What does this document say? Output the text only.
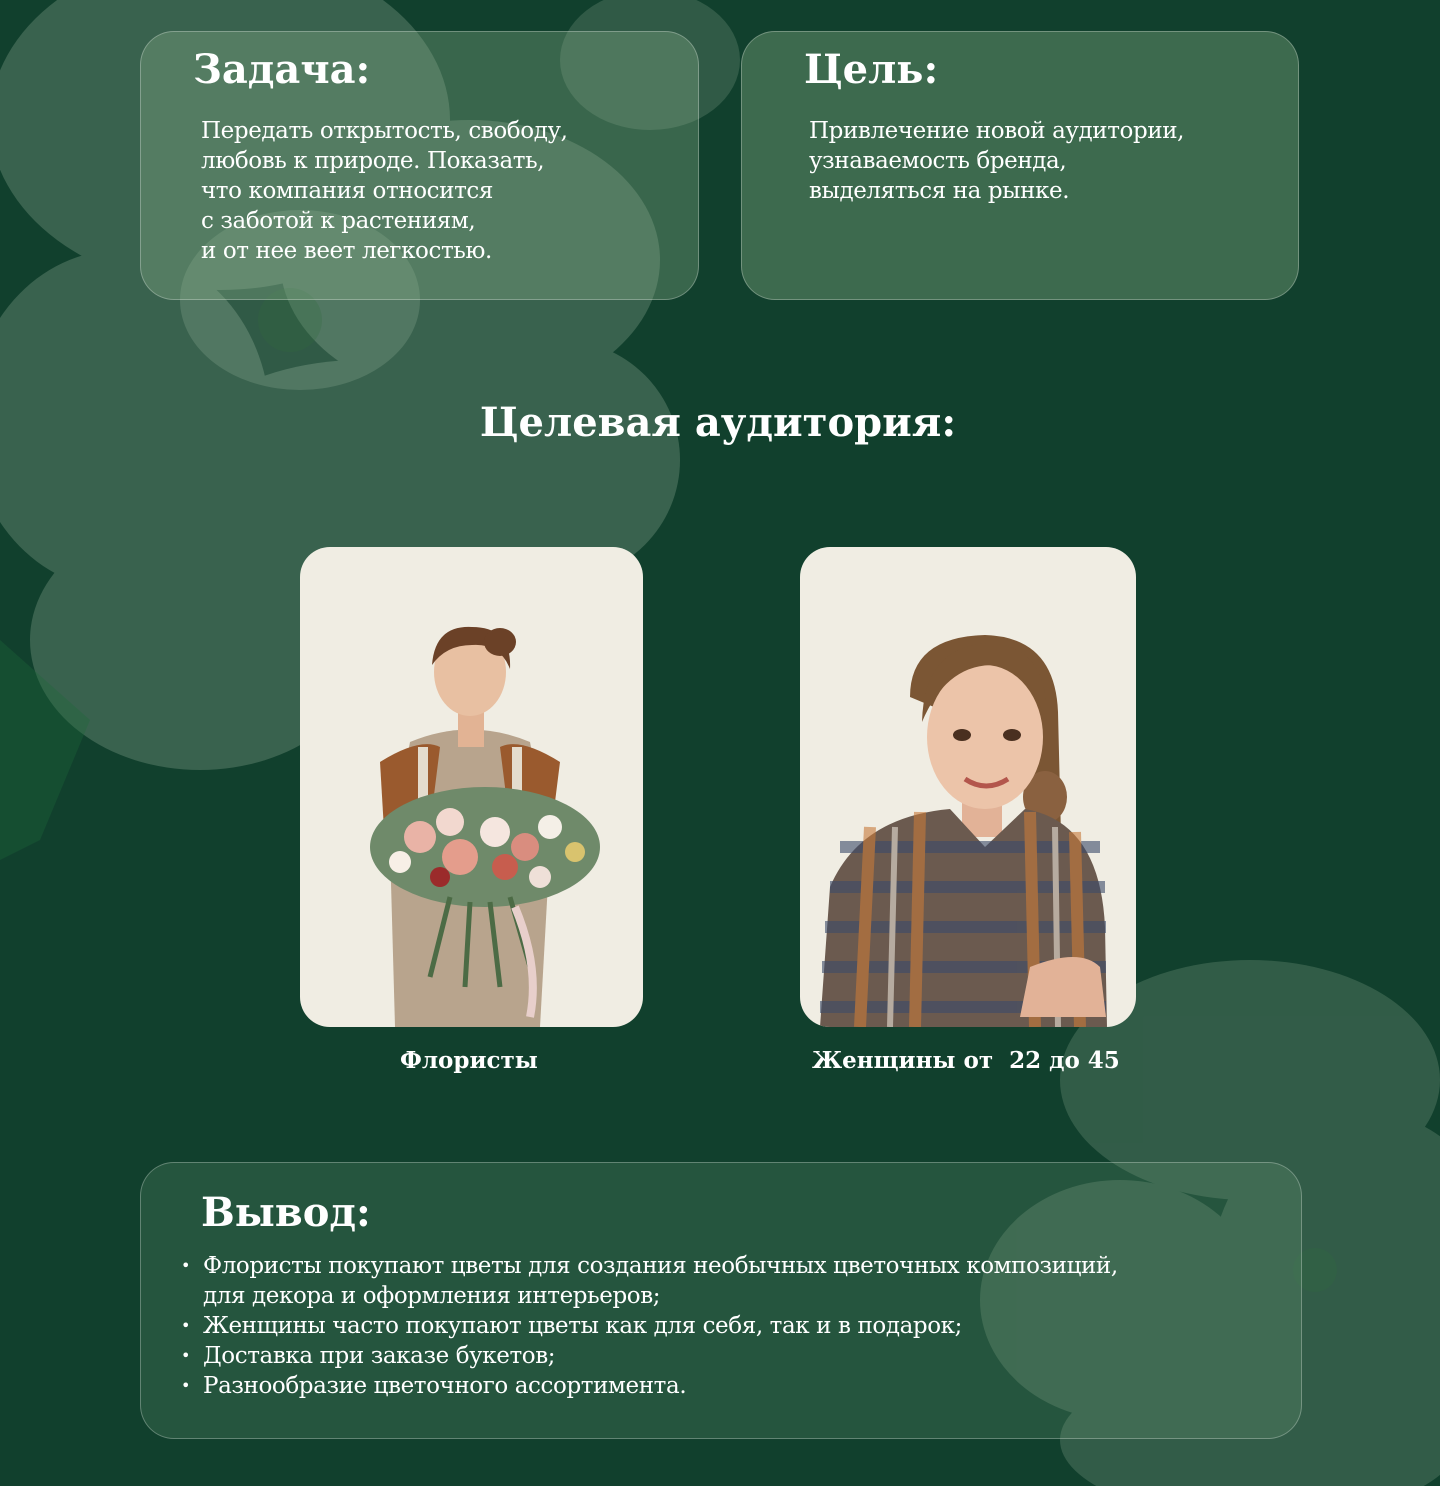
Задача:

Передать открытость, свободу,
любовь к природе. Показать,
что компания относится
с заботой к растениям,
и от нее веет легкостью.

Цель:

Привлечение новой аудитории,
узнаваемость бренда,
выделяться на рынке.

Целевая аудитория:
Флористы	Женщины от  22 до 45
Вывод:
• Флористы покупают цветы для создания необычных цветочных композиций,
для декора и оформления интерьеров;
• Женщины часто покупают цветы как для себя, так и в подарок;
• Доставка при заказе букетов;
• Разнообразие цветочного ассортимента.
